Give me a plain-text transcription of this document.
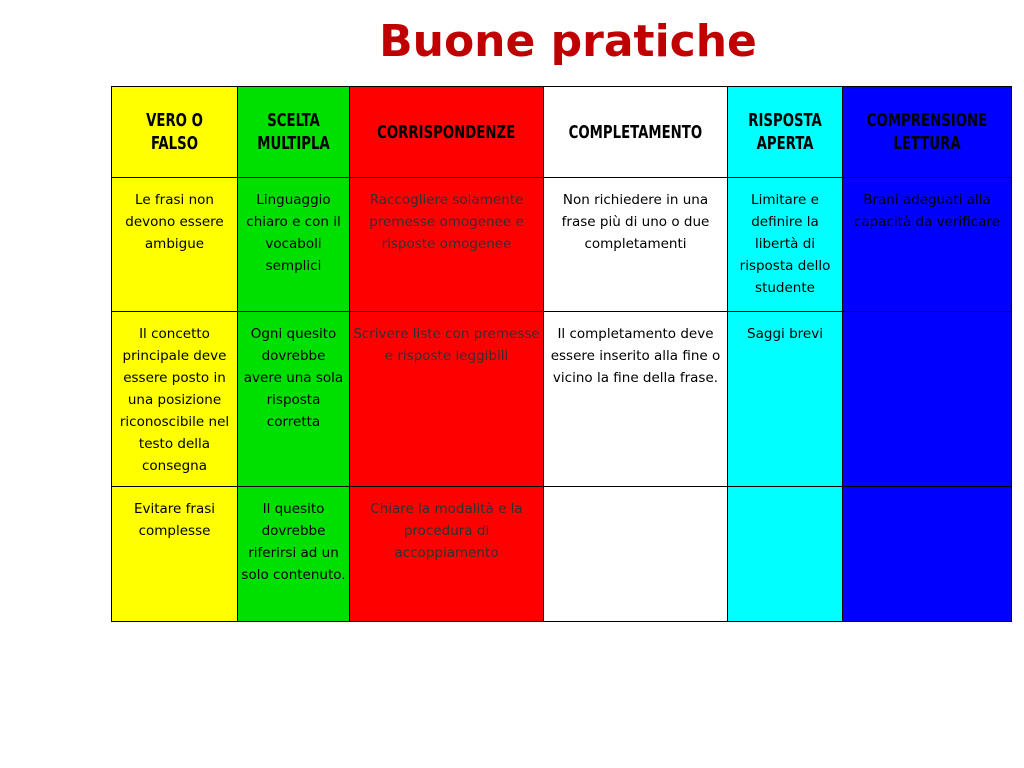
Buone pratiche
VERO O FALSO
SCELTA MULTIPLA
CORRISPONDENZE	COMPLETAMENTO
RISPOSTA APERTA
COMPRENSIONE LETTURA
Le frasi non devono essere ambigue
Linguaggio chiaro e con il vocaboli semplici
Raccogliere solamente premesse omogenee e risposte omogenee
Non richiedere in una frase più di uno o due completamenti
Limitare e definire la libertà di risposta dello studente
Brani adeguati alla capacità da verificare
Il concetto principale deve essere posto in una posizione riconoscibile nel testo della consegna
Ogni quesito dovrebbe avere una sola risposta corretta
Scrivere liste con premesse e risposte leggibili
Il completamento deve essere inserito alla fine o vicino la fine della frase.
Saggi brevi
Evitare frasi complesse
Il quesito dovrebbe riferirsi ad un solo contenuto.
Chiare la modalità e la procedura di accoppiamento
